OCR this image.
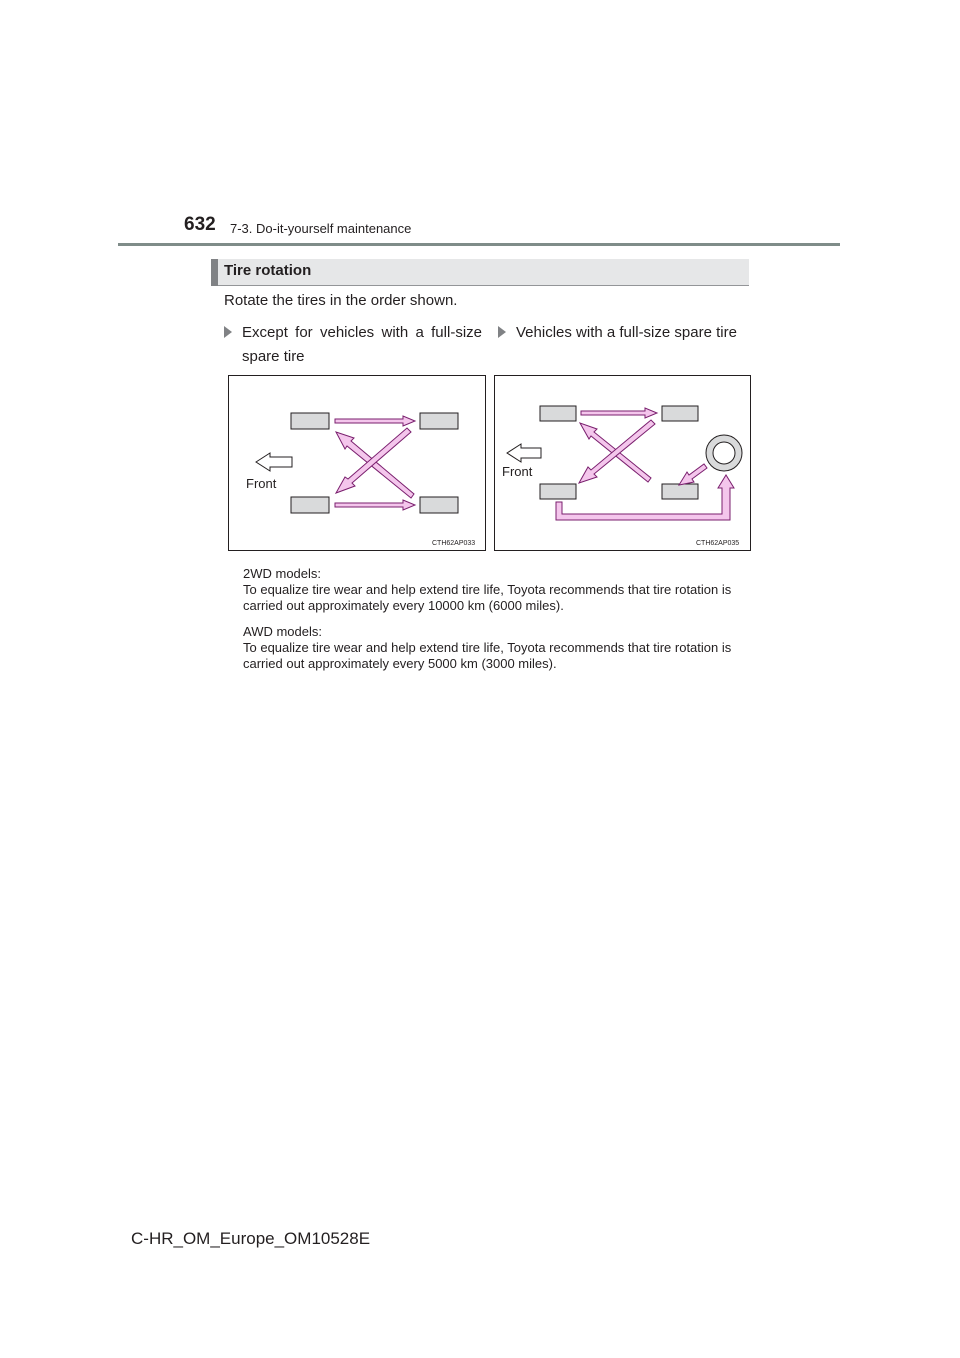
632 7-3. Do-it-yourself maintenance
Tire rotation
Rotate the tires in the order shown.
Except for vehicles with a full-size spare tire
Vehicles with a full-size spare tire
Front
CTH62AP033
Front
CTH62AP035
2WD models:
To equalize tire wear and help extend tire life, Toyota recommends that tire rotation is carried out approximately every 10000 km (6000 miles).
AWD models:
To equalize tire wear and help extend tire life, Toyota recommends that tire rotation is carried out approximately every 5000 km (3000 miles).
C-HR_OM_Europe_OM10528E
